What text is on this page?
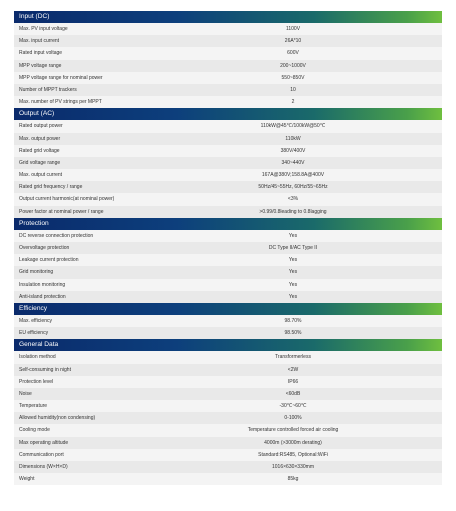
Input (DC)
Max. PV input voltage	1100V
Max. input current	26A*10
Rated input voltage	600V
MPP voltage range	200~1000V
MPP voltage range for nominal power	550~850V
Number of MPPT trackers	10
Max. number of PV strings per MPPT	2
Output (AC)
Rated output power	110kW@45℃/100kW@50℃
Max. output power	110kW
Rated grid voltage	380V/400V
Grid voltage range	340~440V
Max. output current	167A@380V;158.8A@400V
Rated grid frequency / range	50Hz/45~55Hz, 60Hz/55~65Hz
Output current harmonic(at nominal power)	<3%
Power factor at nominal power / range	>0.99/0.8leading to 0.8lagging
Protection
DC reverse connection protection	Yes
Overvoltage protection	DC Type II/AC Type II
Leakage current protection	Yes
Grid monitoring	Yes
Insulation monitoring	Yes
Anti-island protection	Yes
Efficiency
Max. efficiency	98.70%
EU efficiency	98.50%
General Data
Isolation method	Transformerless
Self-consuming in night	<2W
Protection level	IP66
Noise	<60dB
Temperature	-30℃~60℃
Allowed humidity(non condensing)	0-100%
Cooling mode	Temperature controlled forced air cooling
Max operating altitude	4000m (>3000m derating)
Communication port	Standard:RS485, Optional:WiFi
Dimensions (W×H×D)	1016×630×330mm
Weight	85kg
